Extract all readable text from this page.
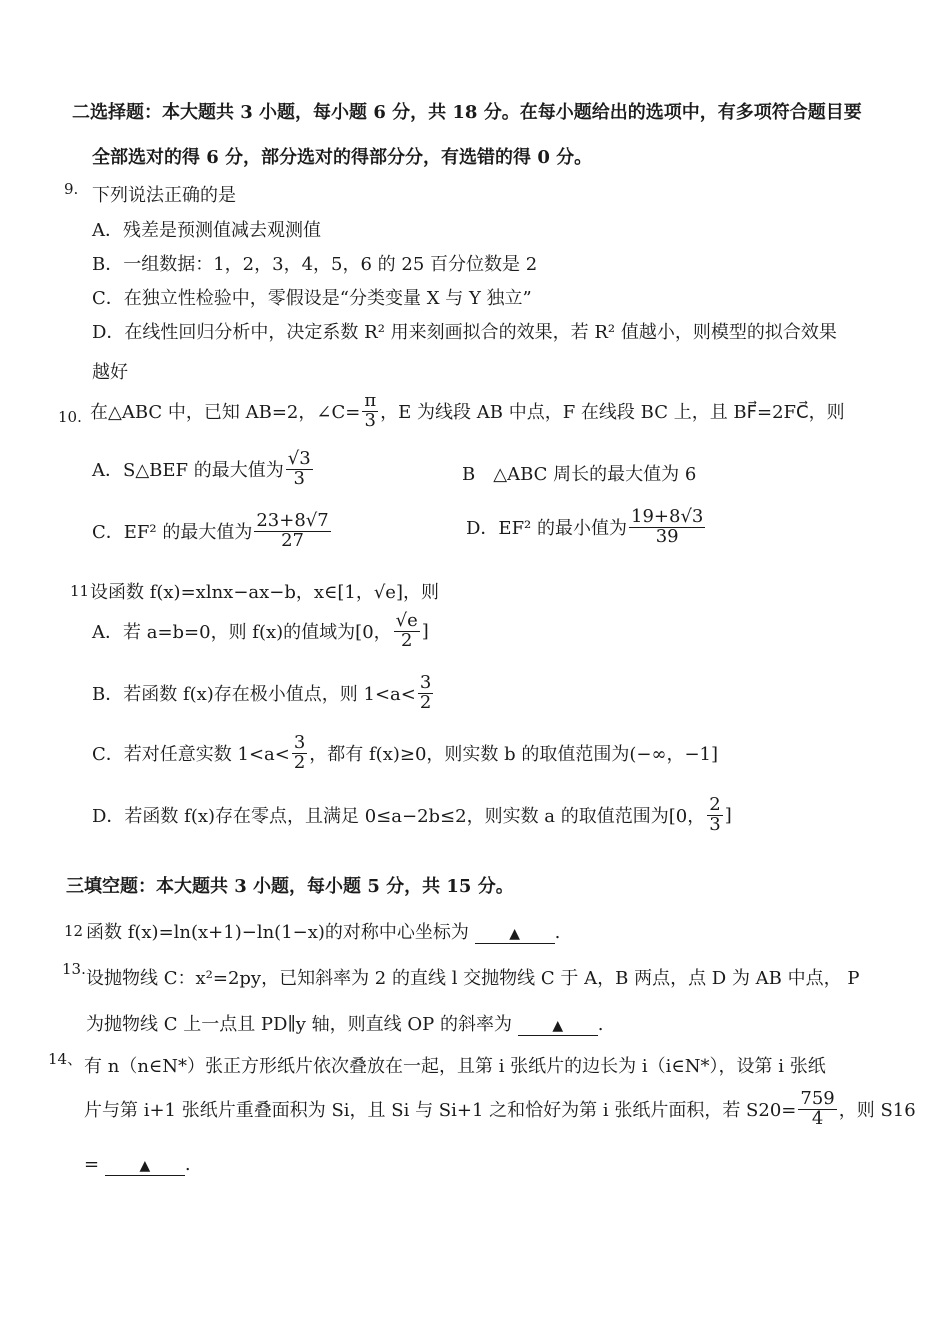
二选择题：本大题共 3 小题，每小题 6 分，共 18 分。在每小题给出的选项中，有多项符合题目要
全部选对的得 6 分，部分选对的得部分分，有选错的得 0 分。
9. 下列说法正确的是
A．残差是预测值减去观测值
B．一组数据：1，2，3，4，5，6 的 25 百分位数是 2
C．在独立性检验中，零假设是“分类变量 X 与 Y 独立”
D．在线性回归分析中，决定系数 R² 用来刻画拟合的效果，若 R² 值越小，则模型的拟合效果
越好
10. 在△ABC 中，已知 AB=2，∠C= $\frac{\pi}{3}$ ，E 为线段 AB 中点，F 在线段 BC 上，且 BF⃗=2FC⃗，则
A．S△BEF 的最大值为 $\frac{√3}{3}$	B　△ABC 周长的最大值为 6
C．EF² 的最大值为 $\frac{23+8√7}{27}$	D．EF² 的最小值为 $\frac{19+8√3}{39}$
11 设函数 f(x)=xlnx−ax−b，x∈[1，√e]，则
A．若 a=b=0，则 f(x)的值域为[0， $\frac{√e}{2}$ ]
B．若函数 f(x)存在极小值点，则 $1<a< \frac{3}{2}$
C．若对任意实数 $1<a< \frac{3}{2}$ ，都有 f(x)≥0，则实数 b 的取值范围为(−∞，−1]
D．若函数 f(x)存在零点，且满足 0≤a−2b≤2，则实数 a 的取值范围为[0， $\frac{2}{3}$ ]
三填空题：本大题共 3 小题，每小题 5 分，共 15 分。
12 函数 f(x)=ln(x+1)−ln(1−x)的对称中心坐标为	▲ .
13. 设抛物线 C：x²=2py，已知斜率为 2 的直线 l 交抛物线 C 于 A，B 两点，点 D 为 AB 中点， P
为抛物线 C 上一点且 PD∥y 轴，则直线 OP 的斜率为	▲ .
14、 有 n（n∈N*）张正方形纸片依次叠放在一起，且第 i 张纸片的边长为 i（i∈N*），设第 i 张纸
片与第 i+1 张纸片重叠面积为 Si，且 Si 与 Si+1 之和恰好为第 i 张纸片面积，若 $S20= \frac{759}{4}$ ，则 S16
=	▲ .
